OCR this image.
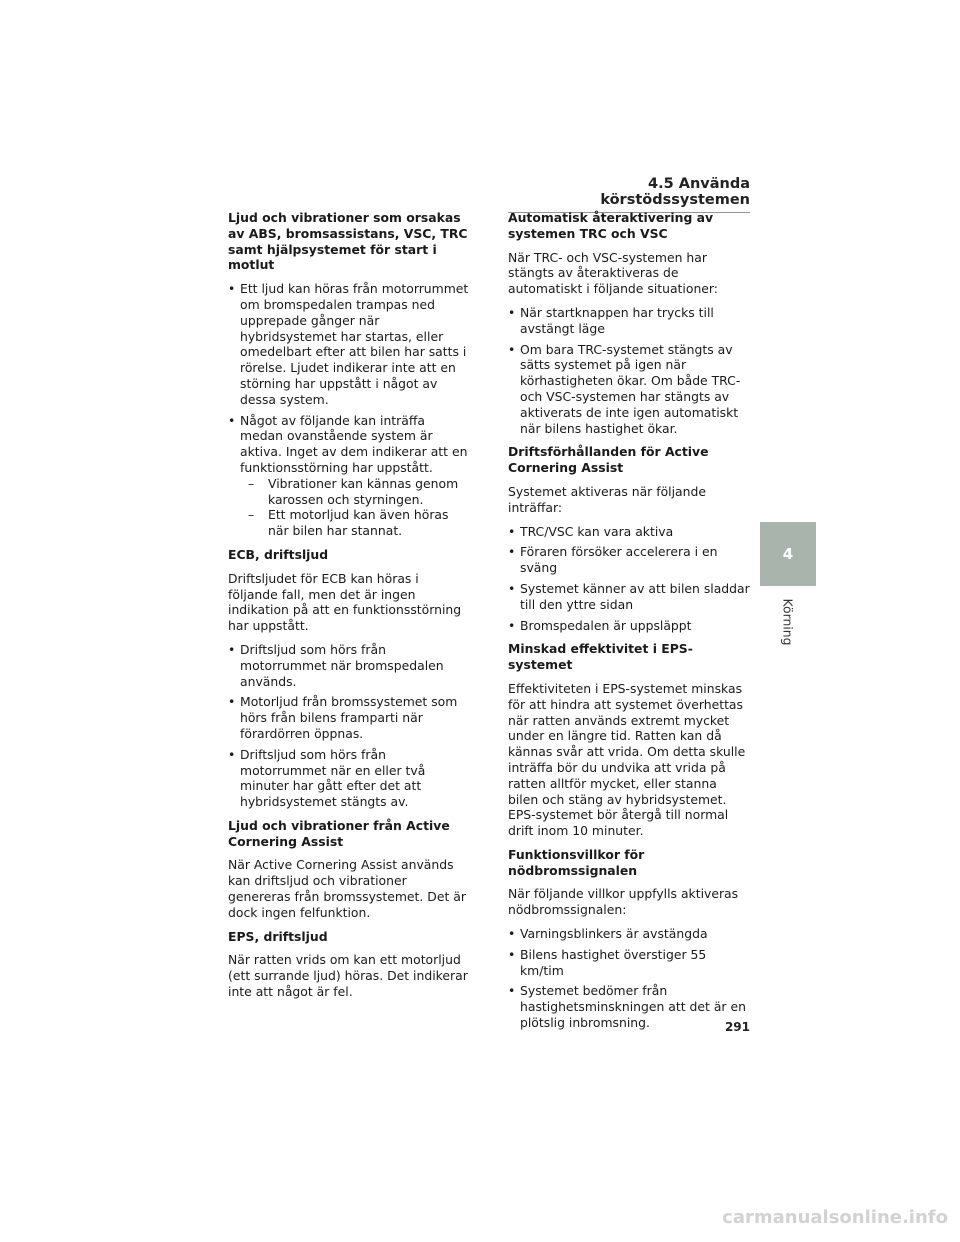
4.5 Använda körstödssystemen
Ljud och vibrationer som orsakas av ABS, bromsassistans, VSC, TRC samt hjälpsystemet för start i motlut
• Ett ljud kan höras från motorrummet om bromspedalen trampas ned upprepade gånger när hybridsystemet har startas, eller omedelbart efter att bilen har satts i rörelse. Ljudet indikerar inte att en störning har uppstått i något av dessa system.
• Något av följande kan inträffa medan ovanstående system är aktiva. Inget av dem indikerar att en funktionsstörning har uppstått.
– Vibrationer kan kännas genom karossen och styrningen.
– Ett motorljud kan även höras när bilen har stannat.
ECB, driftsljud

Driftsljudet för ECB kan höras i följande fall, men det är ingen indikation på att en funktionsstörning har uppstått.

• Driftsljud som hörs från motorrummet när bromspedalen används.
• Motorljud från bromssystemet som hörs från bilens framparti när förardörren öppnas.
• Driftsljud som hörs från motorrummet när en eller två minuter har gått efter det att hybridsystemet stängts av.
Ljud och vibrationer från Active Cornering Assist

När Active Cornering Assist används kan driftsljud och vibrationer genereras från bromssystemet. Det är dock ingen felfunktion.

EPS, driftsljud

När ratten vrids om kan ett motorljud (ett surrande ljud) höras. Det indikerar inte att något är fel.

Automatisk återaktivering av systemen TRC och VSC

När TRC- och VSC-systemen har stängts av återaktiveras de automatiskt i följande situationer:

• När startknappen har trycks till avstängt läge
• Om bara TRC-systemet stängts av sätts systemet på igen när körhastigheten ökar. Om både TRC- och VSC-systemen har stängts av aktiverats de inte igen automatiskt när bilens hastighet ökar.
Driftsförhållanden för Active Cornering Assist

Systemet aktiveras när följande inträffar:

• TRC/VSC kan vara aktiva
• Föraren försöker accelerera i en sväng
• Systemet känner av att bilen sladdar till den yttre sidan
• Bromspedalen är uppsläppt
Minskad effektivitet i EPS-systemet

Effektiviteten i EPS-systemet minskas för att hindra att systemet överhettas när ratten används extremt mycket under en längre tid. Ratten kan då kännas svår att vrida. Om detta skulle inträffa bör du undvika att vrida på ratten alltför mycket, eller stanna bilen och stäng av hybridsystemet. EPS-systemet bör återgå till normal drift inom 10 minuter.

Funktionsvillkor för nödbromssignalen

När följande villkor uppfylls aktiveras nödbromssignalen:

• Varningsblinkers är avstängda
• Bilens hastighet överstiger 55 km/tim
• Systemet bedömer från hastighetsminskningen att det är en plötslig inbromsning.
4
Körning
291
carmanualsonline.info
